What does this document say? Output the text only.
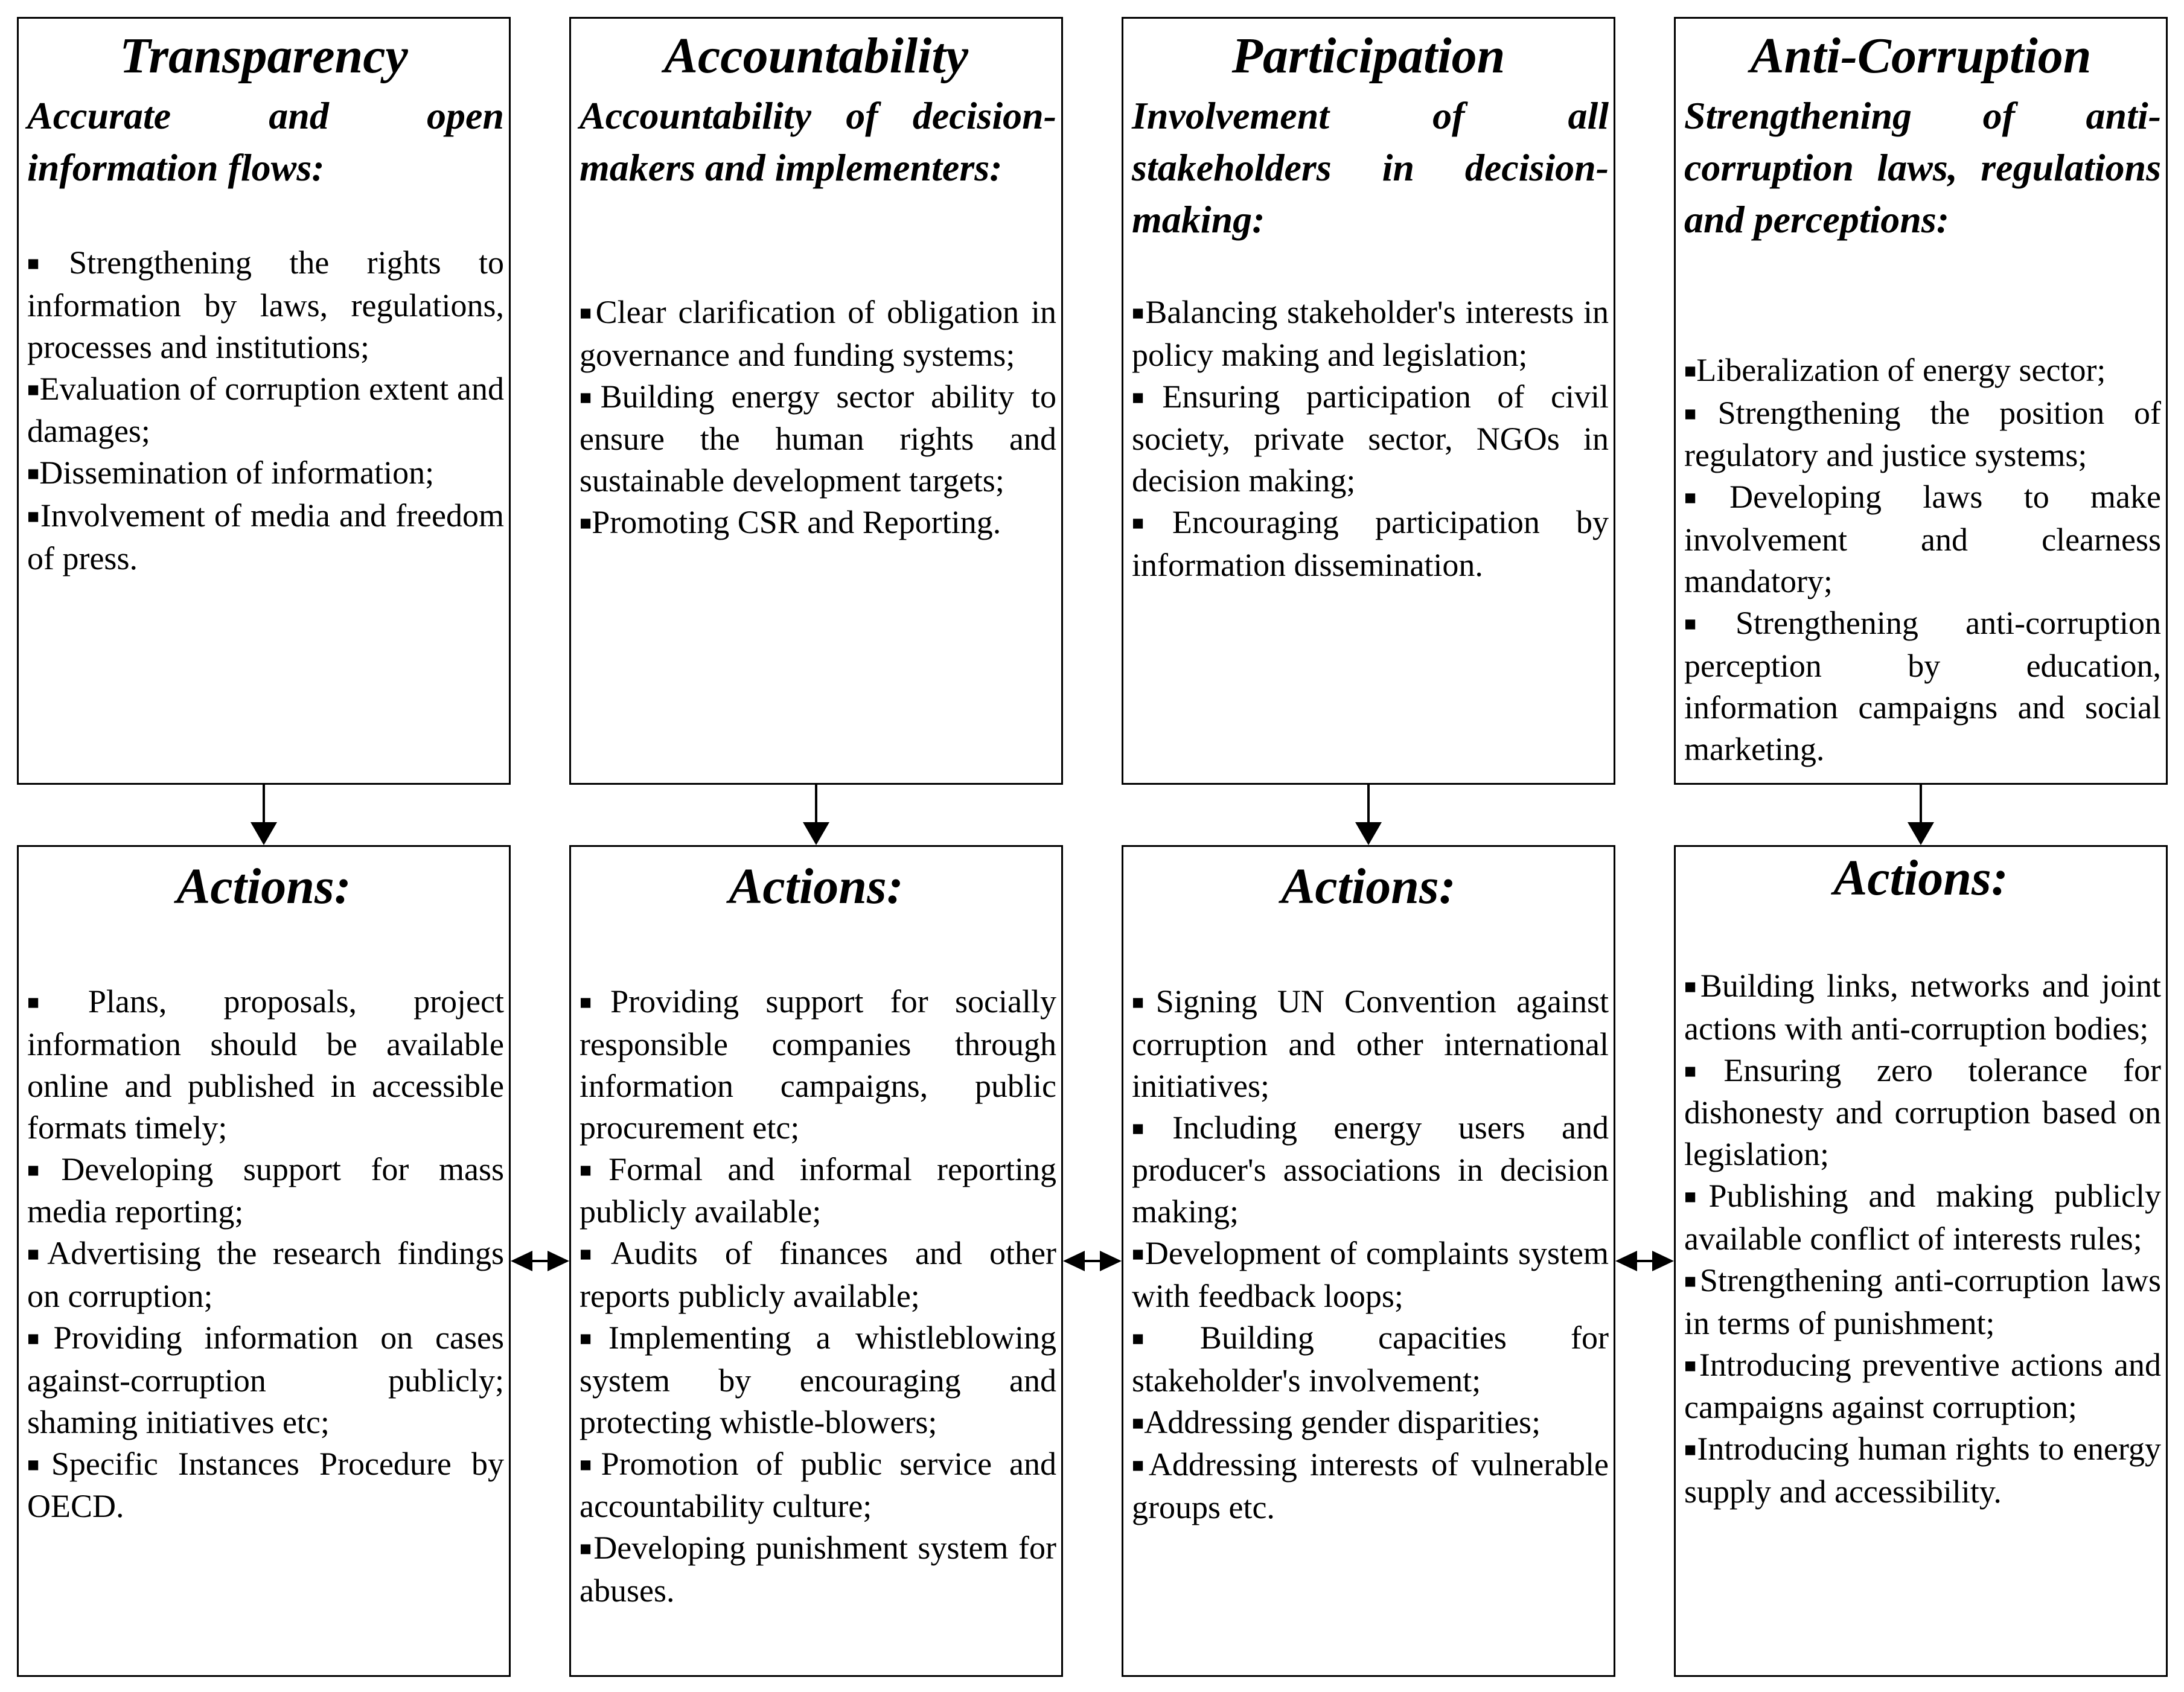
Transparency
Accurate and open information flows:
■Strengthening the rights to information by laws, regulations, processes and institutions;
■Evaluation of corruption extent and damages;
■Dissemination of information;
■Involvement of media and freedom of press.
Actions:
■Plans, proposals, project information should be available online and published in accessible formats timely;
■Developing support for mass media reporting;
■Advertising the research findings on corruption;
■Providing information on cases against-corruption publicly; shaming initiatives etc;
■Specific Instances Procedure by OECD.
Accountability
Accountability of decision-makers and implementers:
■Clear clarification of obligation in governance and funding systems;
■Building energy sector ability to ensure the human rights and sustainable development targets;
■Promoting CSR and Reporting.
Actions:
■Providing support for socially responsible companies through information campaigns, public procurement etc;
■Formal and informal reporting publicly available;
■Audits of finances and other reports publicly available;
■Implementing a whistleblowing system by encouraging and protecting whistle-blowers;
■Promotion of public service and accountability culture;
■Developing punishment system for abuses.
Participation
Involvement of all stakeholders in decision-making:
■Balancing stakeholder's interests in policy making and legislation;
■Ensuring participation of civil society, private sector, NGOs in decision making;
■Encouraging participation by information dissemination.
Actions:
■Signing UN Convention against corruption and other international initiatives;
■Including energy users and producer's associations in decision making;
■Development of complaints system with feedback loops;
■Building capacities for stakeholder's involvement;
■Addressing gender disparities;
■Addressing interests of vulnerable groups etc.
Anti-Corruption
Strengthening of anti-corruption laws, regulations and perceptions:
■Liberalization of energy sector;
■Strengthening the position of regulatory and justice systems;
■Developing laws to make involvement and clearness mandatory;
■Strengthening anti-corruption perception by education, information campaigns and social marketing.
Actions:
■Building links, networks and joint actions with anti-corruption bodies;
■Ensuring zero tolerance for dishonesty and corruption based on legislation;
■Publishing and making publicly available conflict of interests rules;
■Strengthening anti-corruption laws in terms of punishment;
■Introducing preventive actions and campaigns against corruption;
■Introducing human rights to energy supply and accessibility.
